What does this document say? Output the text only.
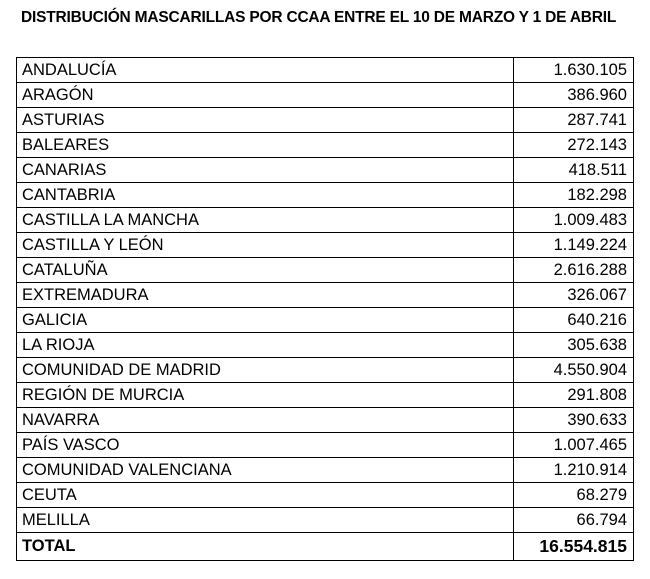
DISTRIBUCIÓN MASCARILLAS POR CCAA ENTRE EL 10 DE MARZO Y 1 DE ABRIL
ANDALUCÍA	1.630.105
ARAGÓN	386.960
ASTURIAS	287.741
BALEARES	272.143
CANARIAS	418.511
CANTABRIA	182.298
CASTILLA LA MANCHA	1.009.483
CASTILLA Y LEÓN	1.149.224
CATALUÑA	2.616.288
EXTREMADURA	326.067
GALICIA	640.216
LA RIOJA	305.638
COMUNIDAD DE MADRID	4.550.904
REGIÓN DE MURCIA	291.808
NAVARRA	390.633
PAÍS VASCO	1.007.465
COMUNIDAD VALENCIANA	1.210.914
CEUTA	68.279
MELILLA	66.794
TOTAL	16.554.815
